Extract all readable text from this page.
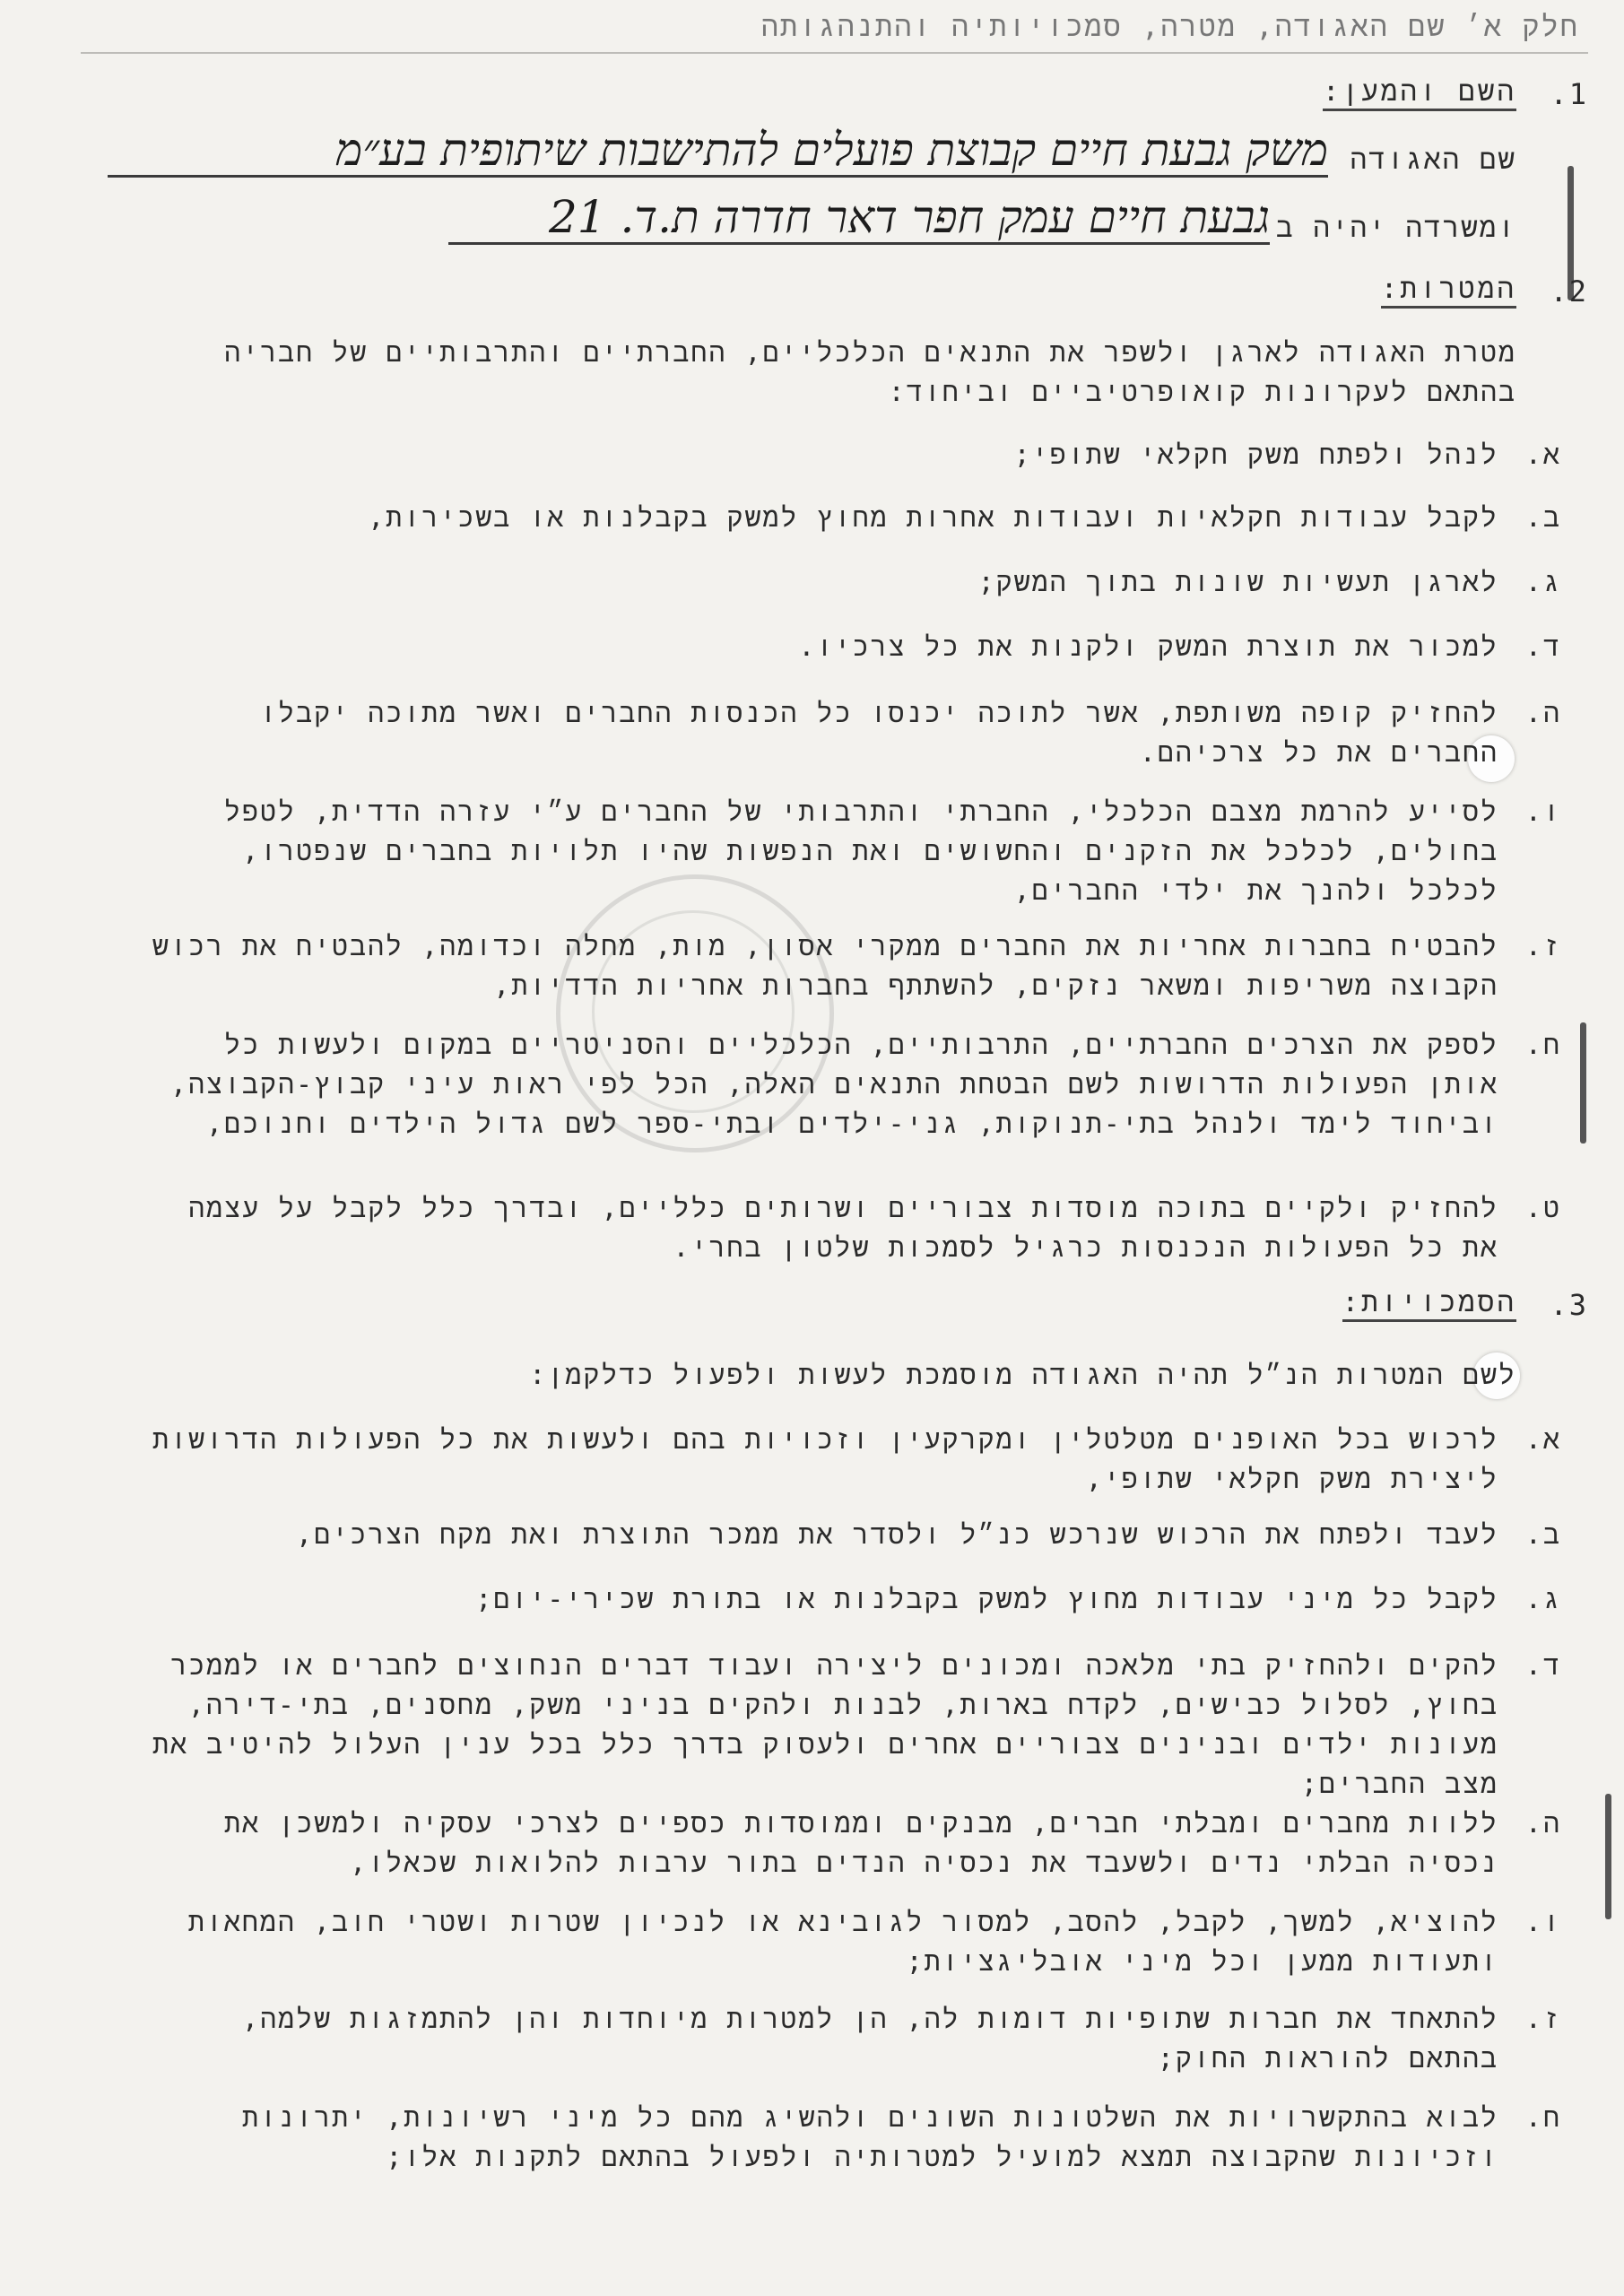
חלק א׳ שם האגודה, מטרה, סמכויותיה והתנהגותה
.1
השם והמען:
שם האגודה
משק גבעת חיים קבוצת פועלים להתישבות שיתופית בע״מ
ומשרדה יהיה ב
גבעת חיים עמק חפר דאר חדרה ת.ד. 21
.2
המטרות:
מטרת האגודה לארגן ולשפר את התנאים הכלכליים, החברתיים והתרבותיים של חבריה בהתאם לעקרונות קואופרטיביים וביחוד:
א.
לנהל ולפתח משק חקלאי שתופי;
ב.
לקבל עבודות חקלאיות ועבודות אחרות מחוץ למשק בקבלנות או בשכירות,
ג.
לארגן תעשיות שונות בתוך המשק;
ד.
למכור את תוצרת המשק ולקנות את כל צרכיו.
ה.
להחזיק קופה משותפת, אשר לתוכה יכנסו כל הכנסות החברים ואשר מתוכה יקבלו החברים את כל צרכיהם.
ו.
לסייע להרמת מצבם הכלכלי, החברתי והתרבותי של החברים ע״י עזרה הדדית, לטפל בחולים, לכלכל את הזקנים והחשושים ואת הנפשות שהיו תלויות בחברים שנפטרו, לכלכל ולהנך את ילדי החברים,
ז.
להבטיח בחברות אחריות את החברים ממקרי אסון, מות, מחלה וכדומה, להבטיח את רכוש הקבוצה משריפות ומשאר נזקים, להשתתף בחברות אחריות הדדיות,
ח.
לספק את הצרכים החברתיים, התרבותיים, הכלכליים והסניטריים במקום ולעשות כל אותן הפעולות הדרושות לשם הבטחת התנאים האלה, הכל לפי ראות עיני קבוץ-הקבוצה, וביחוד לימד ולנהל בתי-תנוקות, גני-ילדים ובתי-ספר לשם גדול הילדים וחנוכם,
ט.
להחזיק ולקיים בתוכה מוסדות צבוריים ושרותים כלליים, ובדרך כלל לקבל על עצמה את כל הפעולות הנכנסות כרגיל לסמכות שלטון בחרי.
.3
הסמכויות:
לשם המטרות הנ״ל תהיה האגודה מוסמכת לעשות ולפעול כדלקמן:
א.
לרכוש בכל האופנים מטלטלין ומקרקעין וזכויות בהם ולעשות את כל הפעולות הדרושות ליצירת משק חקלאי שתופי,
ב.
לעבד ולפתח את הרכוש שנרכש כנ״ל ולסדר את ממכר התוצרת ואת מקח הצרכים,
ג.
לקבל כל מיני עבודות מחוץ למשק בקבלנות או בתורת שכירי-יום;
ד.
להקים ולהחזיק בתי מלאכה ומכונים ליצירה ועבוד דברים הנחוצים לחברים או לממכר בחוץ, לסלול כבישים, לקדח בארות, לבנות ולהקים בניני משק, מחסנים, בתי-דירה, מעונות ילדים ובנינים צבוריים אחרים ולעסוק בדרך כלל בכל ענין העלול להיטיב את מצב החברים;
ה.
ללוות מחברים ומבלתי חברים, מבנקים וממוסדות כספיים לצרכי עסקיה ולמשכן את נכסיה הבלתי נדים ולשעבד את נכסיה הנדים בתור ערבות להלואות שכאלו,
ו.
להוציא, למשך, לקבל, להסב, למסור לגובינא או לנכיון שטרות ושטרי חוב, המחאות ותעודות ממען וכל מיני אובליגציות;
ז.
להתאחד את חברות שתופיות דומות לה, הן למטרות מיוחדות והן להתמזגות שלמה, בהתאם להוראות החוק;
ח.
לבוא בהתקשרויות את השלטונות השונים ולהשיג מהם כל מיני רשיונות, יתרונות וזכיונות שהקבוצה תמצא למועיל למטרותיה ולפעול בהתאם לתקנות אלו;
